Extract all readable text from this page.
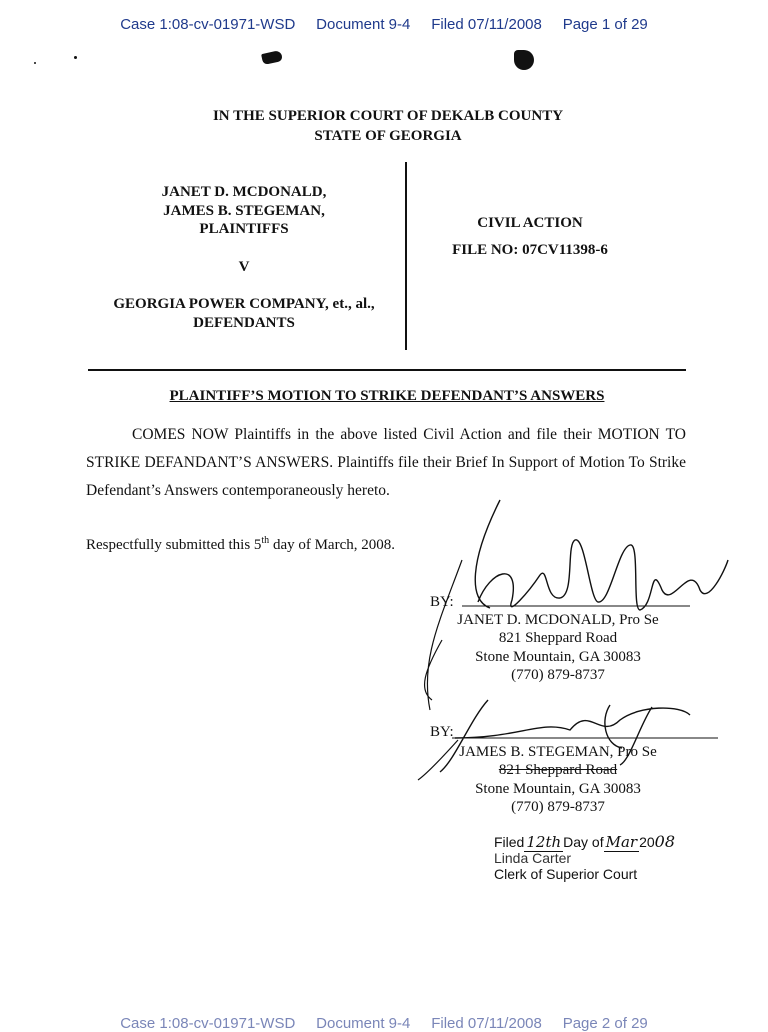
Case 1:08-cv-01971-WSD Document 9-4 Filed 07/11/2008 Page 1 of 29
IN THE SUPERIOR COURT OF DEKALB COUNTY
STATE OF GEORGIA
JANET D. MCDONALD,
JAMES B. STEGEMAN,
PLAINTIFFS
V
GEORGIA POWER COMPANY, et., al.,
DEFENDANTS
CIVIL ACTION
FILE NO: 07CV11398-6
PLAINTIFF’S MOTION TO STRIKE DEFENDANT’S ANSWERS

COMES NOW Plaintiffs in the above listed Civil Action and file their MOTION TO STRIKE DEFANDANT’S ANSWERS. Plaintiffs file their Brief In Support of Motion To Strike Defendant’s Answers contemporaneously hereto.

Respectfully submitted this 5th day of March, 2008.
BY:
JANET D. MCDONALD, Pro Se
821 Sheppard Road
Stone Mountain, GA 30083
(770) 879-8737
BY:
JAMES B. STEGEMAN, Pro Se
821 Sheppard Road
Stone Mountain, GA 30083
(770) 879-8737
Filed 12th Day of Mar 2008
Linda Carter
Clerk of Superior Court
Case 1:08-cv-01971-WSD Document 9-4 Filed 07/11/2008 Page 2 of 29
